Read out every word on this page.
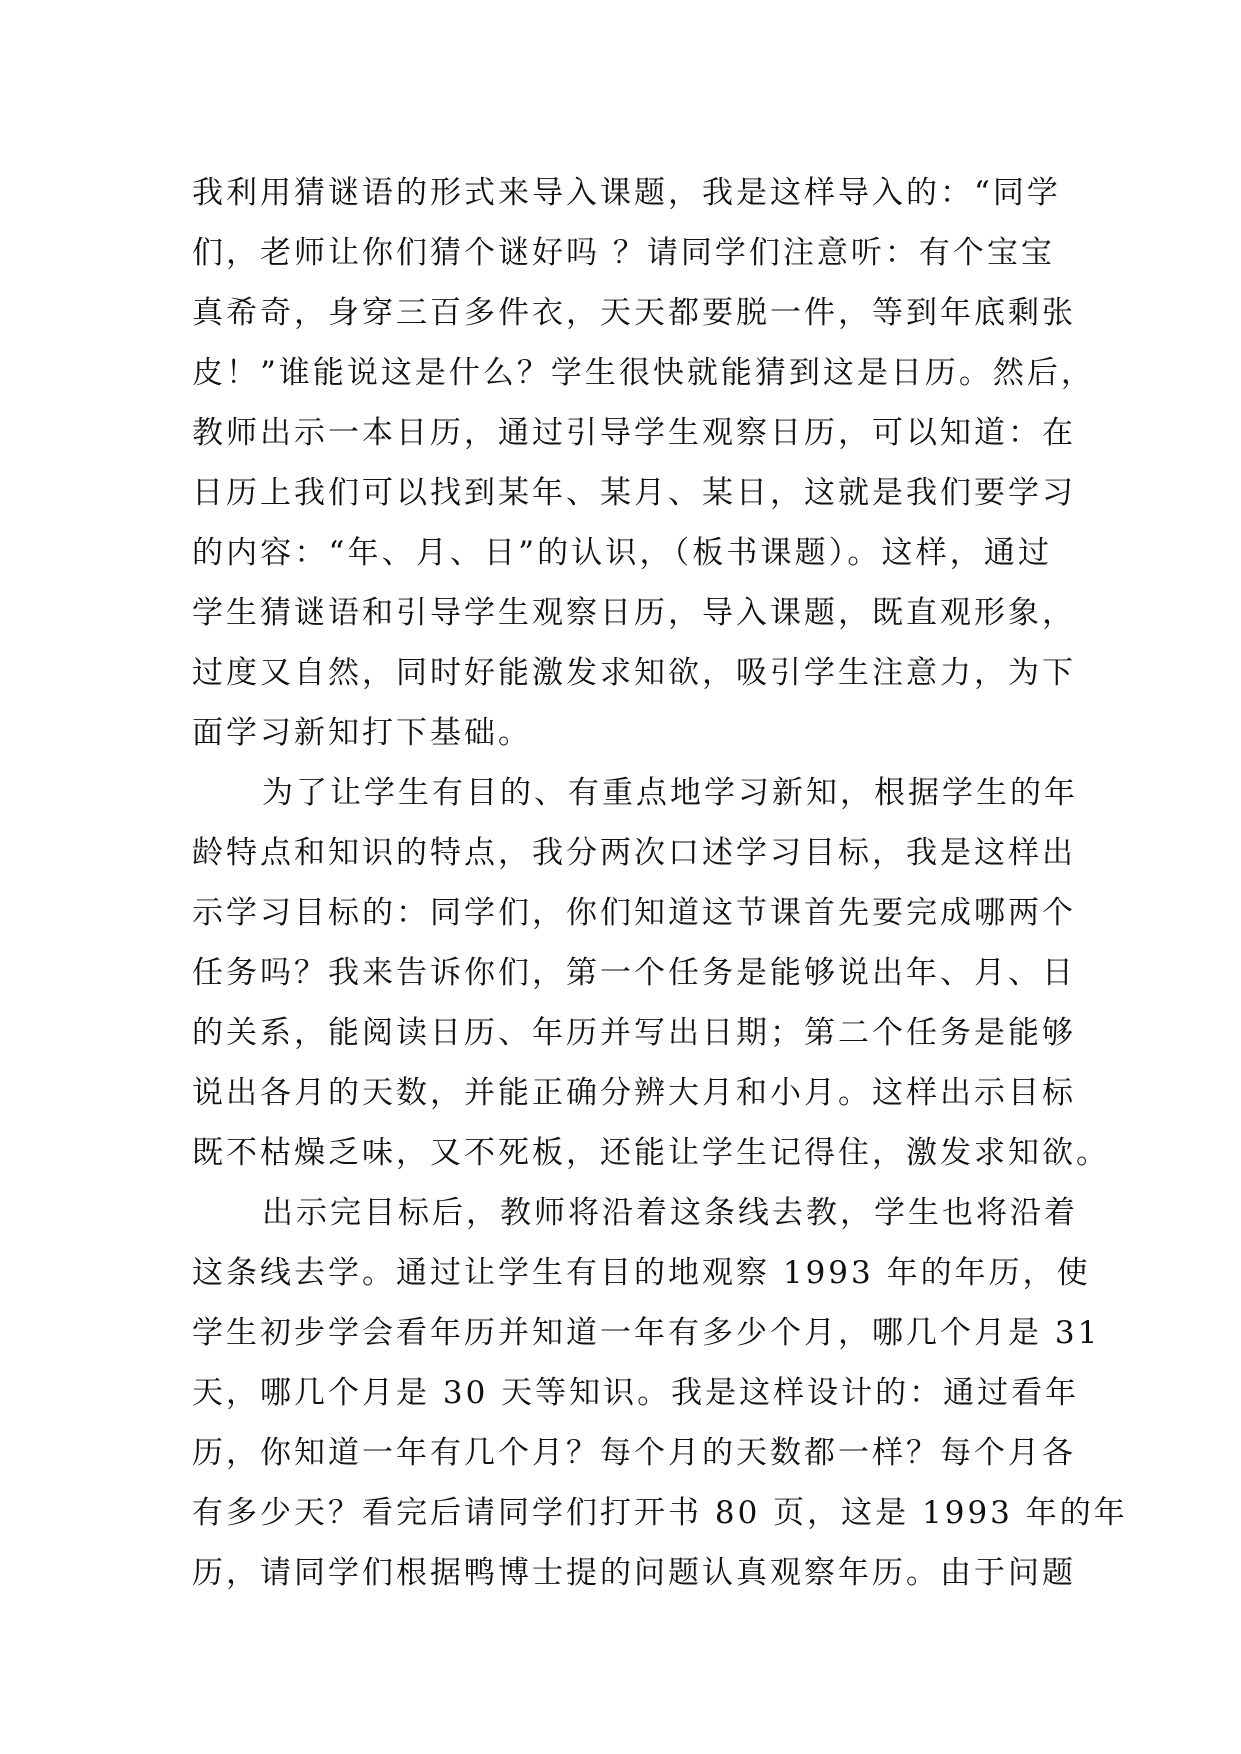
我利用猜谜语的形式来导入课题，我是这样导入的：“同学
们，老师让你们猜个谜好吗 ？请同学们注意听：有个宝宝
真希奇，身穿三百多件衣，天天都要脱一件，等到年底剩张
皮！”谁能说这是什么？学生很快就能猜到这是日历。然后，
教师出示一本日历，通过引导学生观察日历，可以知道：在
日历上我们可以找到某年、某月、某日，这就是我们要学习
的内容：“年、月、日”的认识，（板书课题）。这样，通过
学生猜谜语和引导学生观察日历，导入课题，既直观形象，
过度又自然，同时好能激发求知欲，吸引学生注意力，为下
面学习新知打下基础。
为了让学生有目的、有重点地学习新知，根据学生的年
龄特点和知识的特点，我分两次口述学习目标，我是这样出
示学习目标的：同学们，你们知道这节课首先要完成哪两个
任务吗？我来告诉你们，第一个任务是能够说出年、月、日
的关系，能阅读日历、年历并写出日期；第二个任务是能够
说出各月的天数，并能正确分辨大月和小月。这样出示目标
既不枯燥乏味，又不死板，还能让学生记得住，激发求知欲。
出示完目标后，教师将沿着这条线去教，学生也将沿着
这条线去学。通过让学生有目的地观察 1993 年的年历，使
学生初步学会看年历并知道一年有多少个月，哪几个月是 31
天，哪几个月是 30 天等知识。我是这样设计的：通过看年
历，你知道一年有几个月？每个月的天数都一样？每个月各
有多少天？看完后请同学们打开书 80 页，这是 1993 年的年
历，请同学们根据鸭博士提的问题认真观察年历。由于问题
